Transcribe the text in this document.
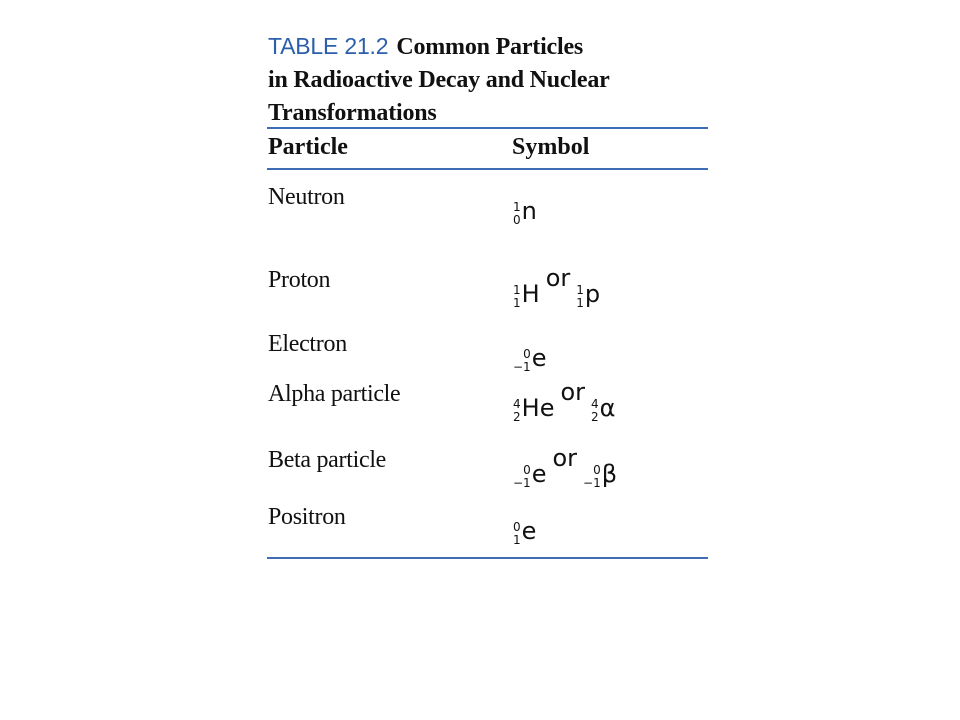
TABLE 21.2 Common Particles
in Radioactive Decay and Nuclear
Transformations
Particle	Symbol
Neutron	1
0 n
Proton	1
1 H
or 1
1 p
Electron	0
−1 e
Alpha particle	4
2 He
or 4
2 α
Beta particle	0
−1 e
or 0
−1 β
Positron	0
1 e
